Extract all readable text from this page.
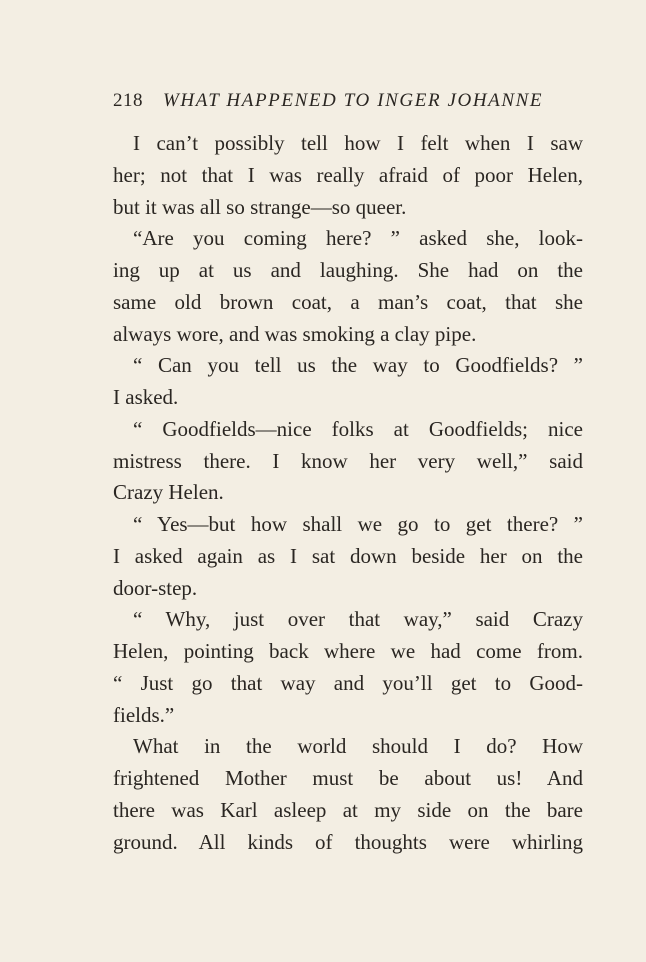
218 WHAT HAPPENED TO INGER JOHANNE
I can’t possibly tell how I felt when I saw
her; not that I was really afraid of poor Helen,
but it was all so strange—so queer.
“Are you coming here? ” asked she, look-
ing up at us and laughing. She had on the
same old brown coat, a man’s coat, that she
always wore, and was smoking a clay pipe.
“ Can you tell us the way to Goodfields? ”
I asked.
“ Goodfields—nice folks at Goodfields; nice
mistress there. I know her very well,” said
Crazy Helen.
“ Yes—but how shall we go to get there? ”
I asked again as I sat down beside her on the
door-step.
“ Why, just over that way,” said Crazy
Helen, pointing back where we had come from.
“ Just go that way and you’ll get to Good-
fields.”
What in the world should I do? How
frightened Mother must be about us! And
there was Karl asleep at my side on the bare
ground. All kinds of thoughts were whirling
